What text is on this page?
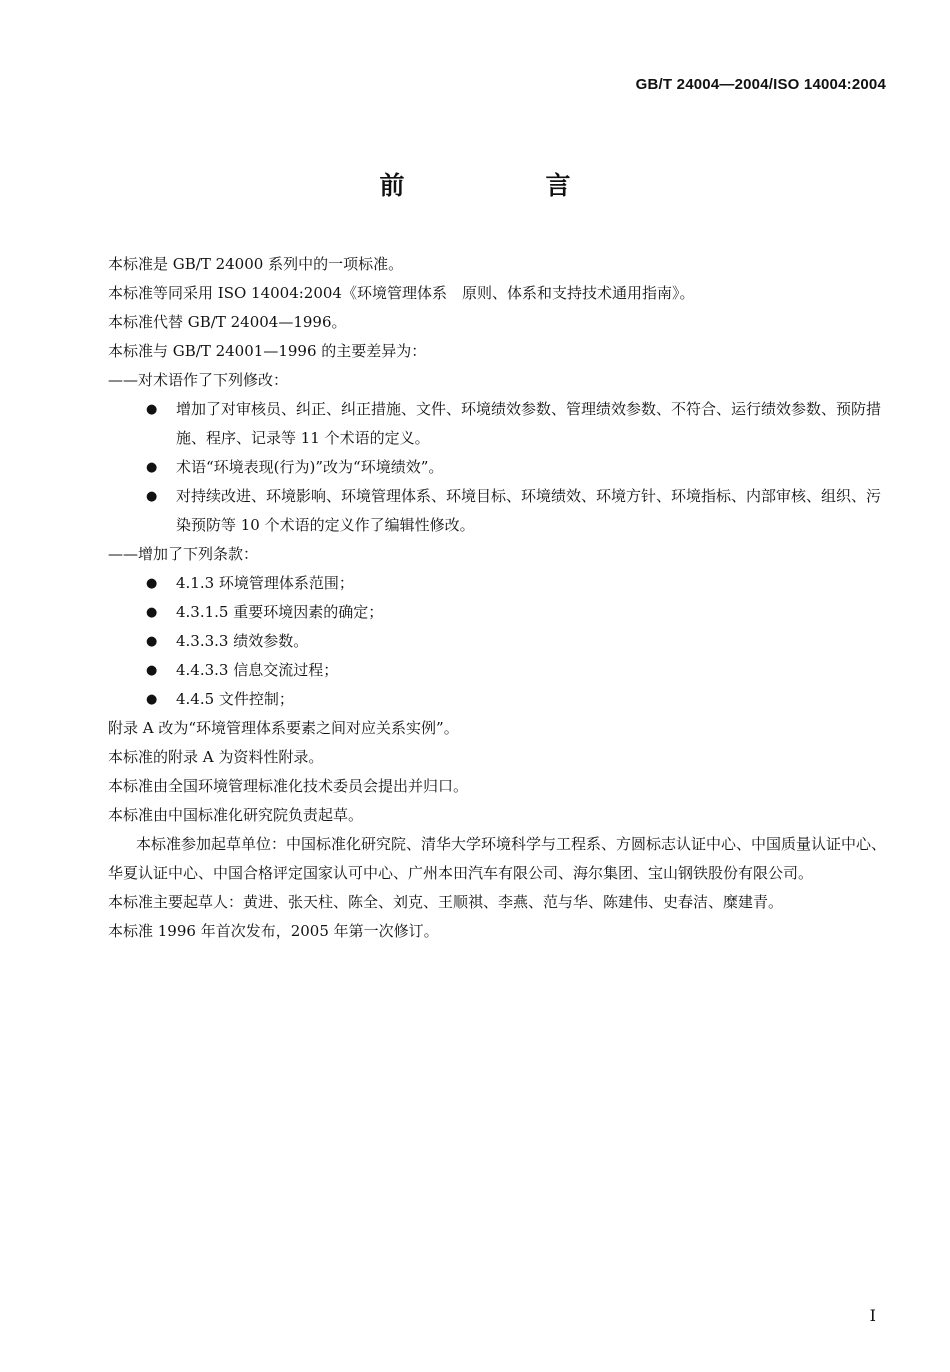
GB/T 24004—2004/ISO 14004:2004
前　言

本标准是 GB/T 24000 系列中的一项标准。

本标准等同采用 ISO 14004:2004《环境管理体系　原则、体系和支持技术通用指南》。

本标准代替 GB/T 24004—1996。

本标准与 GB/T 24001—1996 的主要差异为：

——对术语作了下列修改：

●	增加了对审核员、纠正、纠正措施、文件、环境绩效参数、管理绩效参数、不符合、运行绩效参数、预防措施、程序、记录等 11 个术语的定义。
●	术语“环境表现(行为)”改为“环境绩效”。
●	对持续改进、环境影响、环境管理体系、环境目标、环境绩效、环境方针、环境指标、内部审核、组织、污染预防等 10 个术语的定义作了编辑性修改。

——增加了下列条款：

●	4.1.3 环境管理体系范围；
●	4.3.1.5 重要环境因素的确定；
●	4.3.3.3 绩效参数。
●	4.4.3.3 信息交流过程；
●	4.4.5 文件控制；

附录 A 改为“环境管理体系要素之间对应关系实例”。

本标准的附录 A 为资料性附录。

本标准由全国环境管理标准化技术委员会提出并归口。

本标准由中国标准化研究院负责起草。

本标准参加起草单位：中国标准化研究院、清华大学环境科学与工程系、方圆标志认证中心、中国质量认证中心、华夏认证中心、中国合格评定国家认可中心、广州本田汽车有限公司、海尔集团、宝山钢铁股份有限公司。

本标准主要起草人：黄进、张天柱、陈全、刘克、王顺祺、李燕、范与华、陈建伟、史春洁、糜建青。

本标准 1996 年首次发布，2005 年第一次修订。

I
